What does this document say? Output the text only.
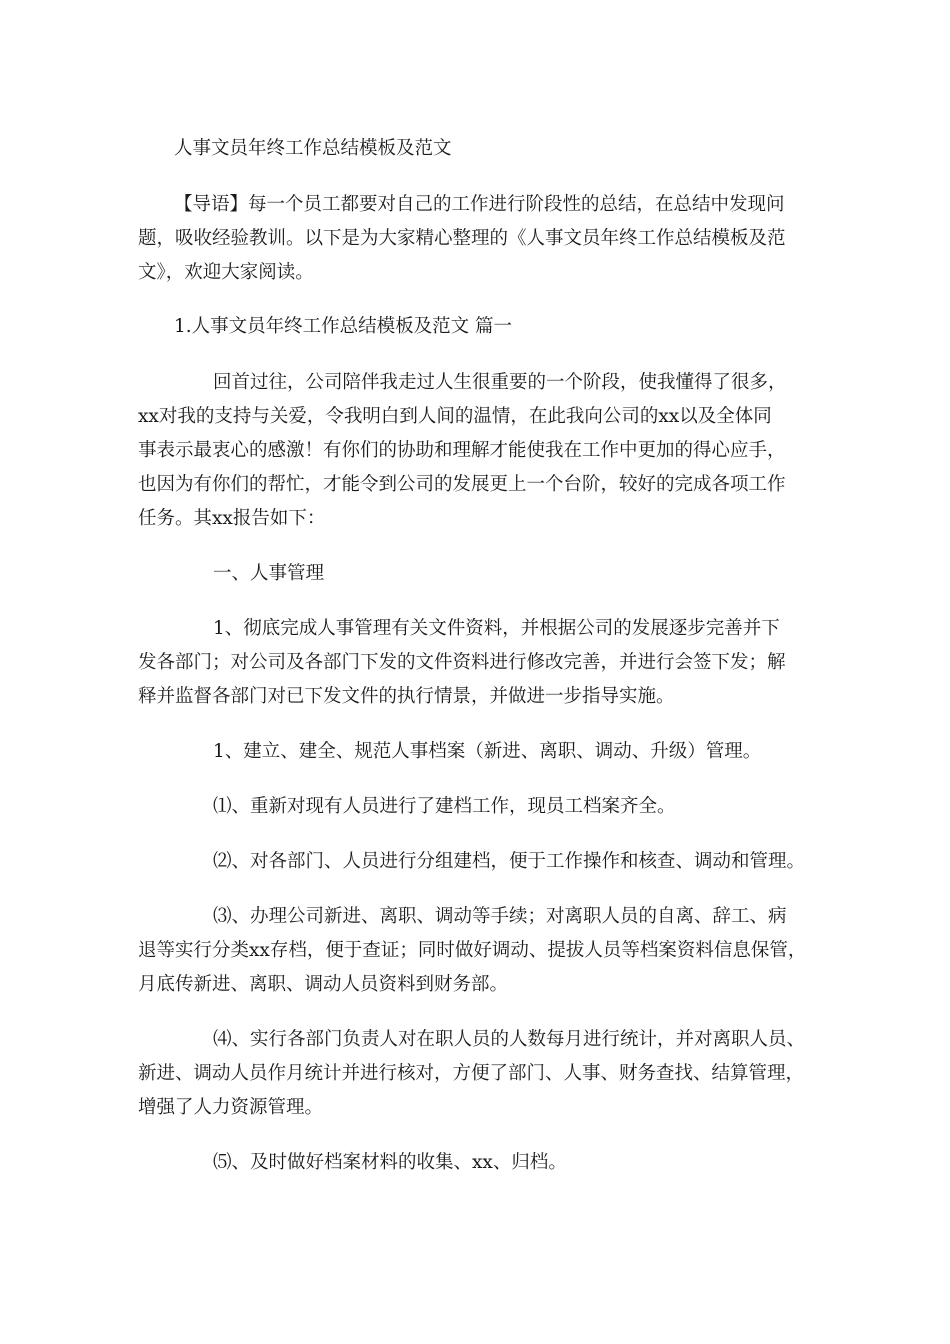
人事文员年终工作总结模板及范文
【导语】每一个员工都要对自己的工作进行阶段性的总结，在总结中发现问
题，吸收经验教训。以下是为大家精心整理的《人事文员年终工作总结模板及范
文》，欢迎大家阅读。
1.人事文员年终工作总结模板及范文 篇一
回首过往，公司陪伴我走过人生很重要的一个阶段，使我懂得了很多，
xx对我的支持与关爱，令我明白到人间的温情，在此我向公司的xx以及全体同
事表示最衷心的感激！有你们的协助和理解才能使我在工作中更加的得心应手，
也因为有你们的帮忙，才能令到公司的发展更上一个台阶，较好的完成各项工作
任务。其xx报告如下：
一、人事管理
1、彻底完成人事管理有关文件资料，并根据公司的发展逐步完善并下
发各部门；对公司及各部门下发的文件资料进行修改完善，并进行会签下发；解
释并监督各部门对已下发文件的执行情景，并做进一步指导实施。
1、建立、建全、规范人事档案（新进、离职、调动、升级）管理。
⑴、重新对现有人员进行了建档工作，现员工档案齐全。
⑵、对各部门、人员进行分组建档，便于工作操作和核查、调动和管理。
⑶、办理公司新进、离职、调动等手续；对离职人员的自离、辞工、病
退等实行分类xx存档，便于查证；同时做好调动、提拔人员等档案资料信息保管，
月底传新进、离职、调动人员资料到财务部。
⑷、实行各部门负责人对在职人员的人数每月进行统计，并对离职人员、
新进、调动人员作月统计并进行核对，方便了部门、人事、财务查找、结算管理，
增强了人力资源管理。
⑸、及时做好档案材料的收集、xx、归档。
